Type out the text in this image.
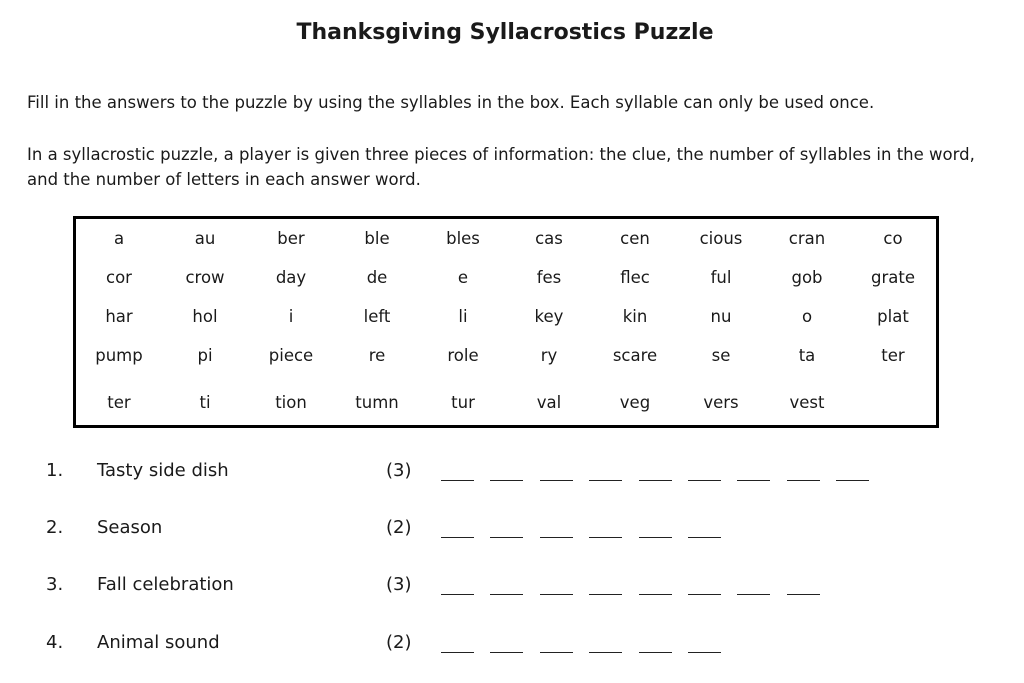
Thanksgiving Syllacrostics Puzzle
Fill in the answers to the puzzle by using the syllables in the box. Each syllable can only be used once.
In a syllacrostic puzzle, a player is given three pieces of information: the clue, the number of syllables in the word, and the number of letters in each answer word.
a	au	ber	ble	bles	cas	cen	cious	cran	co
cor	crow	day	de	e	fes	flec	ful	gob	grate
har	hol	i	left	li	key	kin	nu	o	plat
pump	pi	piece	re	role	ry	scare	se	ta	ter
ter	ti	tion	tumn	tur	val	veg	vers	vest
1. Tasty side dish	(3)
2. Season	(2)
3. Fall celebration	(3)
4. Animal sound	(2)
